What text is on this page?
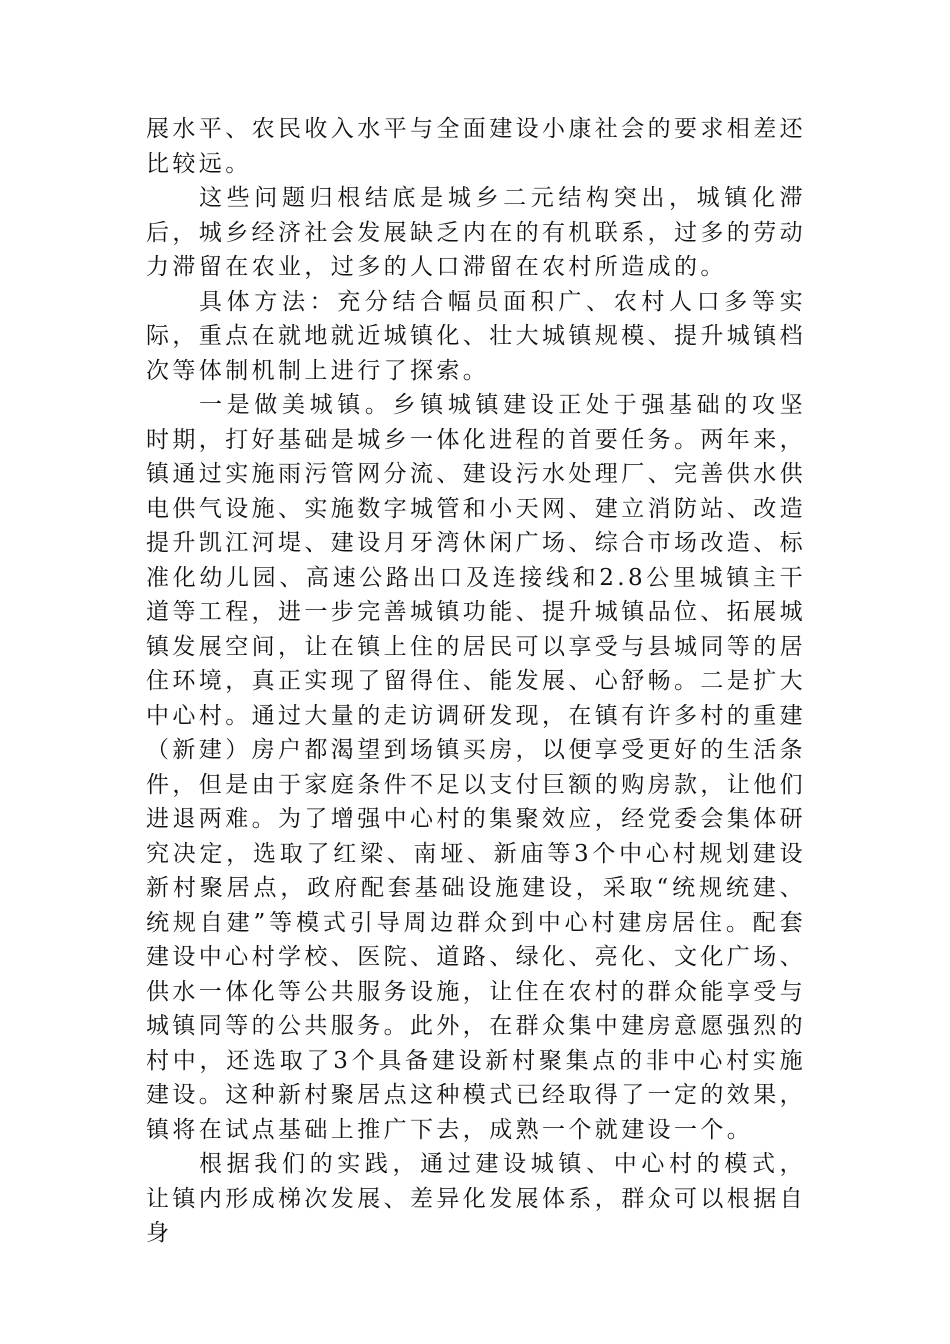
展水平、农民收入水平与全面建设小康社会的要求相差还比较远。

这些问题归根结底是城乡二元结构突出，城镇化滞后，城乡经济社会发展缺乏内在的有机联系，过多的劳动力滞留在农业，过多的人口滞留在农村所造成的。

具体方法：充分结合幅员面积广、农村人口多等实际，重点在就地就近城镇化、壮大城镇规模、提升城镇档次等体制机制上进行了探索。

一是做美城镇。乡镇城镇建设正处于强基础的攻坚时期，打好基础是城乡一体化进程的首要任务。两年来，镇通过实施雨污管网分流、建设污水处理厂、完善供水供电供气设施、实施数字城管和小天网、建立消防站、改造提升凯江河堤、建设月牙湾休闲广场、综合市场改造、标准化幼儿园、高速公路出口及连接线和2.8公里城镇主干道等工程，进一步完善城镇功能、提升城镇品位、拓展城镇发展空间，让在镇上住的居民可以享受与县城同等的居住环境，真正实现了留得住、能发展、心舒畅。二是扩大中心村。通过大量的走访调研发现，在镇有许多村的重建（新建）房户都渴望到场镇买房，以便享受更好的生活条件，但是由于家庭条件不足以支付巨额的购房款，让他们进退两难。为了增强中心村的集聚效应，经党委会集体研究决定，选取了红梁、南垭、新庙等3个中心村规划建设新村聚居点，政府配套基础设施建设，采取“统规统建、统规自建”等模式引导周边群众到中心村建房居住。配套建设中心村学校、医院、道路、绿化、亮化、文化广场、供水一体化等公共服务设施，让住在农村的群众能享受与城镇同等的公共服务。此外，在群众集中建房意愿强烈的村中，还选取了3个具备建设新村聚集点的非中心村实施建设。这种新村聚居点这种模式已经取得了一定的效果，镇将在试点基础上推广下去，成熟一个就建设一个。

根据我们的实践，通过建设城镇、中心村的模式，让镇内形成梯次发展、差异化发展体系，群众可以根据自身
